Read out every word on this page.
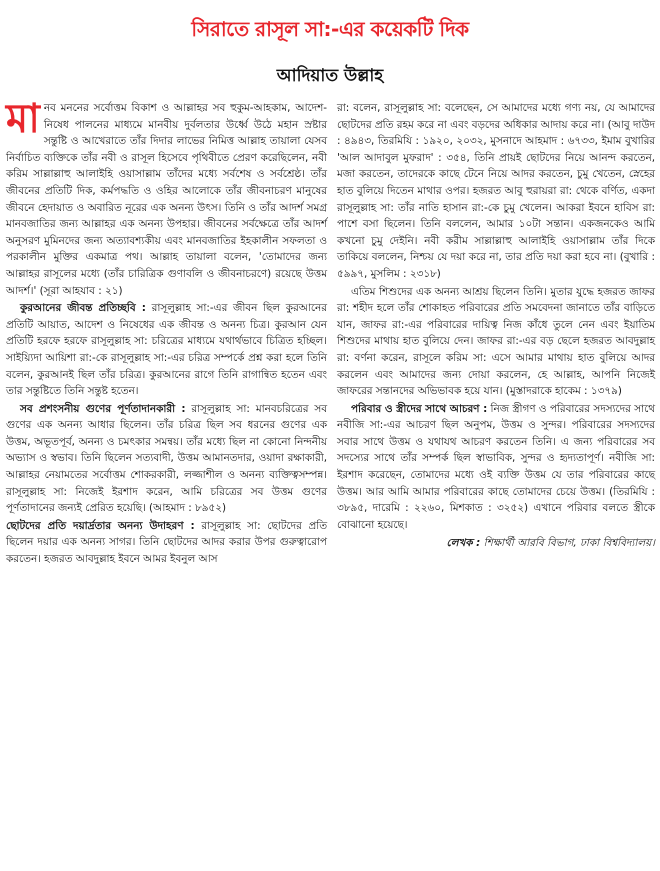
সিরাতে রাসূল সা:-এর কয়েকটি দিক
আদিয়াত উল্লাহ

মানব মননের সর্বোত্তম বিকাশ ও আল্লাহর সব হুকুম-আহকাম, আদেশ-নিষেধ পালনের মাধ্যমে মানবীয় দুর্বলতার উর্ধ্বে উঠে মহান স্রষ্টার সন্তুষ্টি ও আখেরাতে তাঁর দিদার লাভের নিমিত্ত আল্লাহ তায়ালা যেসব নির্বাচিত ব্যক্তিকে তাঁর নবী ও রাসূল হিসেবে পৃথিবীতে প্রেরণ করেছিলেন, নবী করিম সাল্লাল্লাহু আলাইহি ওয়াসাল্লাম তাঁদের মধ্যে সর্বশেষ ও সর্বশ্রেষ্ঠ। তাঁর জীবনের প্রতিটি দিক, কর্মপদ্ধতি ও ওহির আলোকে তাঁর জীবনাচরণ মানুষের জীবনে হেদায়াত ও অবারিত নূরের এক অনন্য উৎস। তিনি ও তাঁর আদর্শ সমগ্র মানবজাতির জন্য আল্লাহর এক অনন্য উপহার। জীবনের সর্বক্ষেত্রে তাঁর আদর্শ অনুসরণ মুমিনদের জন্য অত্যাবশ্যকীয় এবং মানবজাতির ইহকালীন সফলতা ও পরকালীন মুক্তির একমাত্র পথ। আল্লাহ তায়ালা বলেন, 'তোমাদের জন্য আল্লাহর রাসূলের মধ্যে (তাঁর চারিত্রিক গুণাবলি ও জীবনাচরণে) রয়েছে উত্তম আদর্শ।' (সূরা আহযাব : ২১)

কুরআনের জীবন্ত প্রতিচ্ছবি : রাসূলুল্লাহ সা:-এর জীবন ছিল কুরআনের প্রতিটি আয়াত, আদেশ ও নিষেধের এক জীবন্ত ও অনন্য চিত্র। কুরআন যেন প্রতিটি হরফে হরফে রাসূলুল্লাহ সা: চরিত্রের মাধ্যমে যথার্থভাবে চিত্রিত হচ্ছিল। সাইয়্যিদা আয়িশা রা:-কে রাসূলুল্লাহ সা:-এর চরিত্র সম্পর্কে প্রশ্ন করা হলে তিনি বলেন, কুরআনই ছিল তাঁর চরিত্র। কুরআনের রাগে তিনি রাগান্বিত হতেন এবং তার সন্তুষ্টিতে তিনি সন্তুষ্ট হতেন।

সব প্রশংসনীয় গুণের পূর্ণতাদানকারী : রাসূলুল্লাহ সা: মানবচরিত্রের সব গুণের এক অনন্য আধার ছিলেন। তাঁর চরিত্র ছিল সব ধরনের গুণের এক উত্তম, অভূতপূর্ব, অনন্য ও চমৎকার সমন্বয়। তাঁর মধ্যে ছিল না কোনো নিন্দনীয় অভ্যাস ও স্বভাব। তিনি ছিলেন সত্যবাদী, উত্তম আমানতদার, ওয়াদা রক্ষাকারী, আল্লাহর নেয়ামতের সর্বোত্তম শোকরকারী, লজ্জাশীল ও অনন্য ব্যক্তিত্বসম্পন্ন। রাসূলুল্লাহ সা: নিজেই ইরশাদ করেন, আমি চরিত্রের সব উত্তম গুণের পূর্ণতাদানের জন্যই প্রেরিত হয়েছি। (আহমাদ : ৮৯৫২)

ছোটদের প্রতি দয়ার্দ্রতার অনন্য উদাহরণ : রাসূলুল্লাহ সা: ছোটদের প্রতি ছিলেন দয়ার এক অনন্য সাগর। তিনি ছোটদের আদর করার উপর গুরুত্বারোপ করতেন। হজরত আবদুল্লাহ ইবনে আমর ইবনুল আস

রা: বলেন, রাসূলুল্লাহ সা: বলেছেন, সে আমাদের মধ্যে গণ্য নয়, যে আমাদের ছোটদের প্রতি রহম করে না এবং বড়দের অধিকার আদায় করে না। (আবু দাউদ : ৪৯৪৩, তিরমিযি : ১৯২০, ২০৩২, মুসনাদে আহমাদ : ৬৭৩৩, ইমাম বুখারির 'আল আদাবুল মুফরাদ' : ৩৫৪, তিনি প্রায়ই ছোটদের নিয়ে আনন্দ করতেন, মজা করতেন, তাদেরকে কাছে টেনে নিয়ে আদর করতেন, চুমু খেতেন, স্নেহের হাত বুলিয়ে দিতেন মাথার ওপর। হজরত আবু হুরায়রা রা: থেকে বর্ণিত, একদা রাসূলুল্লাহ সা: তাঁর নাতি হাসান রা:-কে চুমু খেলেন। আকরা ইবনে হাবিস রা: পাশে বসা ছিলেন। তিনি বললেন, আমার ১০টা সন্তান। একজনকেও আমি কখনো চুমু দেইনি। নবী করীম সাল্লাল্লাহু আলাইহি ওয়াসাল্লাম তাঁর দিকে তাকিয়ে বললেন, নিশ্চয় যে দয়া করে না, তার প্রতি দয়া করা হবে না। (বুখারি : ৫৯৯৭, মুসলিম : ২৩১৮)

এতিম শিশুদের এক অনন্য আশ্রয় ছিলেন তিনি। মুতার যুদ্ধে হজরত জাফর রা: শহীদ হলে তাঁর শোকাহত পরিবারের প্রতি সমবেদনা জানাতে তাঁর বাড়িতে যান, জাফর রা:-এর পরিবারের দায়িত্ব নিজ কাঁধে তুলে নেন এবং ইয়াতিম শিশুদের মাথায় হাত বুলিয়ে দেন। জাফর রা:-এর বড় ছেলে হজরত আবদুল্লাহ রা: বর্ণনা করেন, রাসূলে করিম সা: এসে আমার মাথায় হাত বুলিয়ে আদর করলেন এবং আমাদের জন্য দোয়া করলেন, হে আল্লাহ, আপনি নিজেই জাফরের সন্তানদের অভিভাবক হয়ে যান। (মুস্তাদরাকে হাকেম : ১৩৭৯)

পরিবার ও স্ত্রীদের সাথে আচরণ : নিজ স্ত্রীগণ ও পরিবারের সদস্যদের সাথে নবীজি সা:-এর আচরণ ছিল অনুপম, উত্তম ও সুন্দর। পরিবারের সদস্যদের সবার সাথে উত্তম ও যথাযথ আচরণ করতেন তিনি। এ জন্য পরিবারের সব সদস্যের সাথে তাঁর সম্পর্ক ছিল স্বাভাবিক, সুন্দর ও হৃদ্যতাপূর্ণ। নবীজি সা: ইরশাদ করেছেন, তোমাদের মধ্যে ওই ব্যক্তি উত্তম যে তার পরিবারের কাছে উত্তম। আর আমি আমার পরিবারের কাছে তোমাদের চেয়ে উত্তম। (তিরমিযি : ৩৮৯৫, দারেমি : ২২৬০, মিশকাত : ৩২৫২) এখানে পরিবার বলতে স্ত্রীকে বোঝানো হয়েছে।

লেখক : শিক্ষার্থী আরবি বিভাগ, ঢাকা বিশ্ববিদ্যালয়।
